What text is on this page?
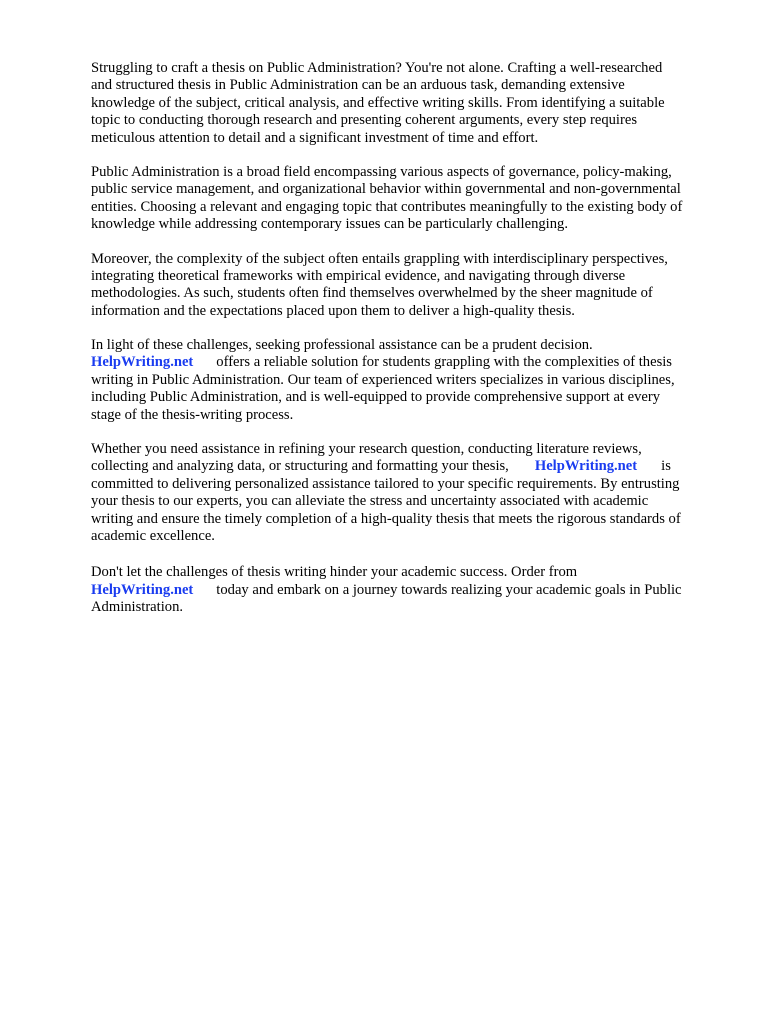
Struggling to craft a thesis on Public Administration? You're not alone. Crafting a well-researched
and structured thesis in Public Administration can be an arduous task, demanding extensive
knowledge of the subject, critical analysis, and effective writing skills. From identifying a suitable
topic to conducting thorough research and presenting coherent arguments, every step requires
meticulous attention to detail and a significant investment of time and effort.
Public Administration is a broad field encompassing various aspects of governance, policy-making,
public service management, and organizational behavior within governmental and non-governmental
entities. Choosing a relevant and engaging topic that contributes meaningfully to the existing body of
knowledge while addressing contemporary issues can be particularly challenging.
Moreover, the complexity of the subject often entails grappling with interdisciplinary perspectives,
integrating theoretical frameworks with empirical evidence, and navigating through diverse
methodologies. As such, students often find themselves overwhelmed by the sheer magnitude of
information and the expectations placed upon them to deliver a high-quality thesis.
In light of these challenges, seeking professional assistance can be a prudent decision.
HelpWriting.net offers a reliable solution for students grappling with the complexities of thesis
writing in Public Administration. Our team of experienced writers specializes in various disciplines,
including Public Administration, and is well-equipped to provide comprehensive support at every
stage of the thesis-writing process.
Whether you need assistance in refining your research question, conducting literature reviews,
collecting and analyzing data, or structuring and formatting your thesis, HelpWriting.net is
committed to delivering personalized assistance tailored to your specific requirements. By entrusting
your thesis to our experts, you can alleviate the stress and uncertainty associated with academic
writing and ensure the timely completion of a high-quality thesis that meets the rigorous standards of
academic excellence.
Don't let the challenges of thesis writing hinder your academic success. Order from
HelpWriting.net today and embark on a journey towards realizing your academic goals in Public
Administration.
